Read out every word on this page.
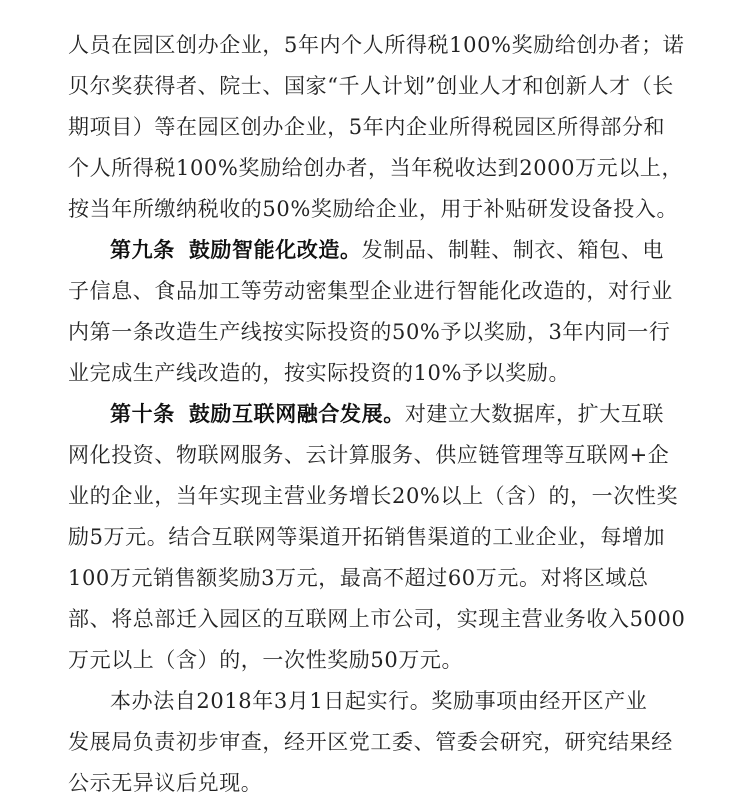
人员在园区创办企业，5年内个人所得税100%奖励给创办者；诺
贝尔奖获得者、院士、国家“千人计划”创业人才和创新人才（长
期项目）等在园区创办企业，5年内企业所得税园区所得部分和
个人所得税100%奖励给创办者，当年税收达到2000万元以上，
按当年所缴纳税收的50%奖励给企业，用于补贴研发设备投入。
第九条 鼓励智能化改造。发制品、制鞋、制衣、箱包、电
子信息、食品加工等劳动密集型企业进行智能化改造的，对行业
内第一条改造生产线按实际投资的50%予以奖励，3年内同一行
业完成生产线改造的，按实际投资的10%予以奖励。
第十条 鼓励互联网融合发展。对建立大数据库，扩大互联
网化投资、物联网服务、云计算服务、供应链管理等互联网+企
业的企业，当年实现主营业务增长20%以上（含）的，一次性奖
励5万元。结合互联网等渠道开拓销售渠道的工业企业，每增加
100万元销售额奖励3万元，最高不超过60万元。对将区域总
部、将总部迁入园区的互联网上市公司，实现主营业务收入5000
万元以上（含）的，一次性奖励50万元。
本办法自2018年3月1日起实行。奖励事项由经开区产业
发展局负责初步审查，经开区党工委、管委会研究，研究结果经
公示无异议后兑现。
